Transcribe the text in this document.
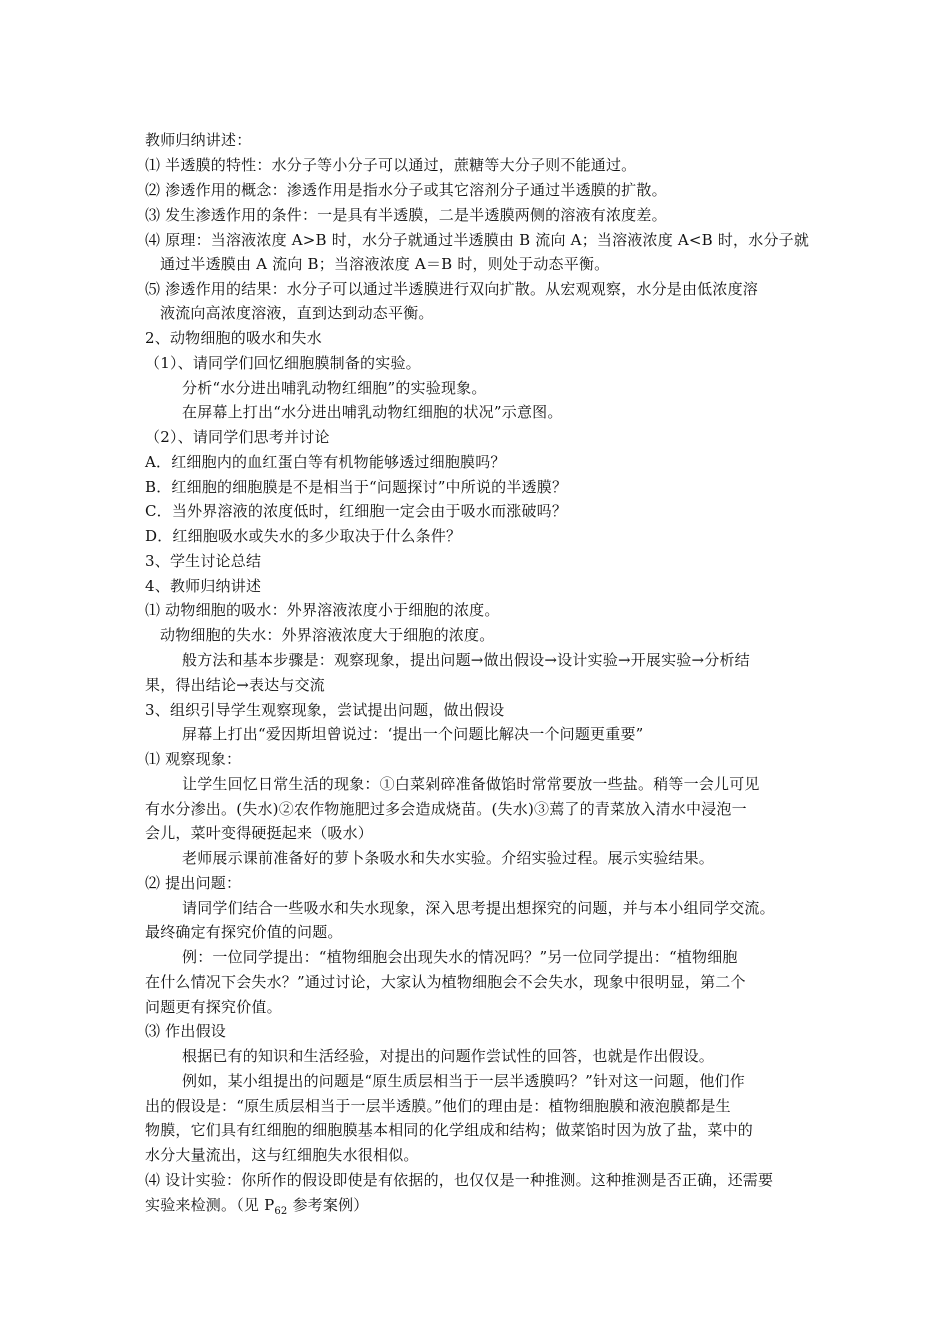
教师归纳讲述：
⑴ 半透膜的特性：水分子等小分子可以通过，蔗糖等大分子则不能通过。
⑵ 渗透作用的概念：渗透作用是指水分子或其它溶剂分子通过半透膜的扩散。
⑶ 发生渗透作用的条件：一是具有半透膜，二是半透膜两侧的溶液有浓度差。
⑷ 原理：当溶液浓度 A>B 时，水分子就通过半透膜由 B 流向 A；当溶液浓度 A<B 时，水分子就
通过半透膜由 A 流向 B；当溶液浓度 A＝B 时，则处于动态平衡。
⑸ 渗透作用的结果：水分子可以通过半透膜进行双向扩散。从宏观观察，水分是由低浓度溶
液流向高浓度溶液，直到达到动态平衡。
2、动物细胞的吸水和失水
（1）、请同学们回忆细胞膜制备的实验。
分析“水分进出哺乳动物红细胞”的实验现象。
在屏幕上打出“水分进出哺乳动物红细胞的状况”示意图。
（2）、请同学们思考并讨论
A．红细胞内的血红蛋白等有机物能够透过细胞膜吗？
B．红细胞的细胞膜是不是相当于“问题探讨”中所说的半透膜？
C．当外界溶液的浓度低时，红细胞一定会由于吸水而涨破吗？
D．红细胞吸水或失水的多少取决于什么条件？
3、学生讨论总结
4、教师归纳讲述
⑴ 动物细胞的吸水：外界溶液浓度小于细胞的浓度。
动物细胞的失水：外界溶液浓度大于细胞的浓度。
般方法和基本步骤是：观察现象，提出问题→做出假设→设计实验→开展实验→分析结
果，得出结论→表达与交流
3、组织引导学生观察现象，尝试提出问题，做出假设
屏幕上打出“爱因斯坦曾说过：‘提出一个问题比解决一个问题更重要”
⑴ 观察现象：
让学生回忆日常生活的现象：①白菜剁碎准备做馅时常常要放一些盐。稍等一会儿可见
有水分渗出。(失水)②农作物施肥过多会造成烧苗。(失水)③蔫了的青菜放入清水中浸泡一
会儿，菜叶变得硬挺起来（吸水）
老师展示课前准备好的萝卜条吸水和失水实验。介绍实验过程。展示实验结果。
⑵ 提出问题：
请同学们结合一些吸水和失水现象，深入思考提出想探究的问题，并与本小组同学交流。
最终确定有探究价值的问题。
例：一位同学提出：“植物细胞会出现失水的情况吗？”另一位同学提出：“植物细胞
在什么情况下会失水？”通过讨论，大家认为植物细胞会不会失水，现象中很明显，第二个
问题更有探究价值。
⑶ 作出假设
根据已有的知识和生活经验，对提出的问题作尝试性的回答，也就是作出假设。
例如，某小组提出的问题是“原生质层相当于一层半透膜吗？”针对这一问题，他们作
出的假设是：“原生质层相当于一层半透膜。”他们的理由是：植物细胞膜和液泡膜都是生
物膜，它们具有红细胞的细胞膜基本相同的化学组成和结构；做菜馅时因为放了盐，菜中的
水分大量流出，这与红细胞失水很相似。
⑷ 设计实验：你所作的假设即使是有依据的，也仅仅是一种推测。这种推测是否正确，还需要
实验来检测。（见 $P_{62}$ 参考案例）
